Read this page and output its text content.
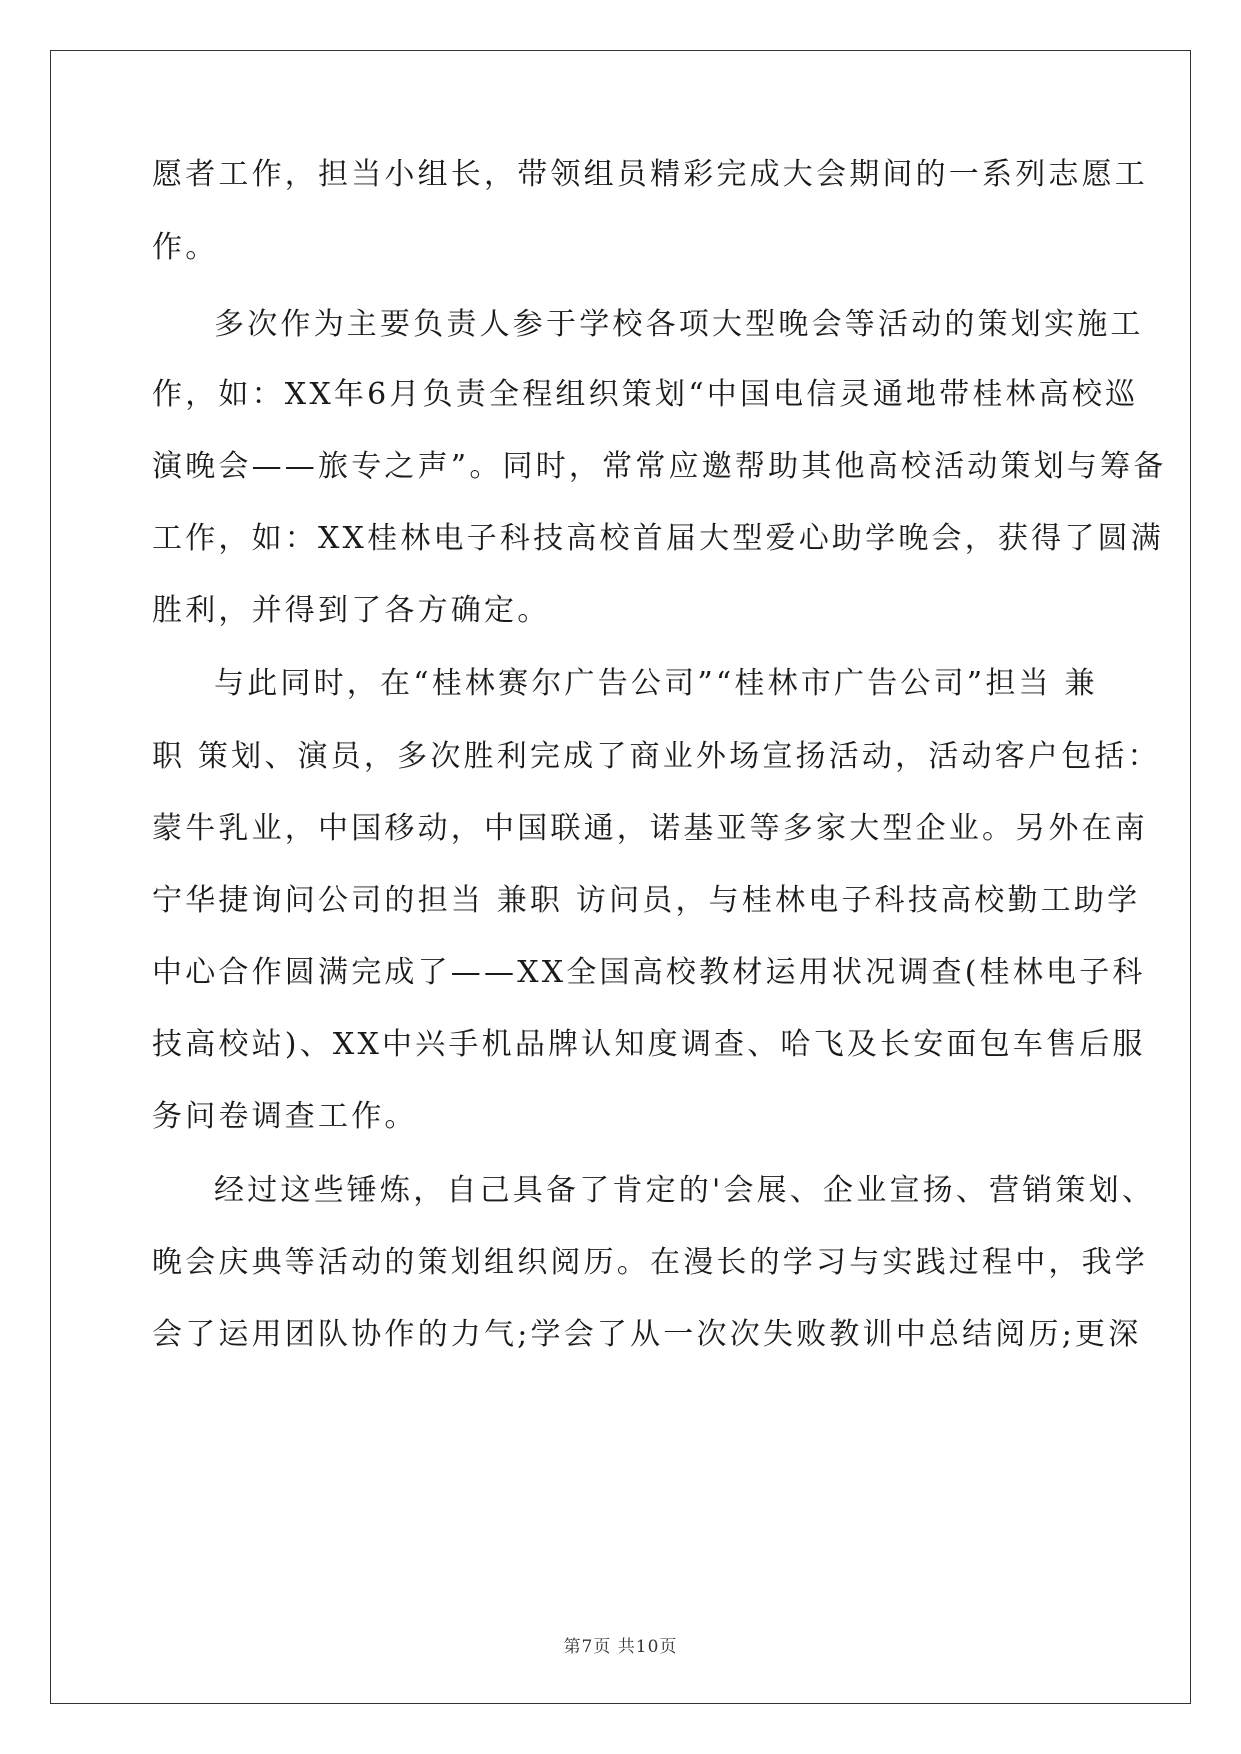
愿者工作，担当小组长，带领组员精彩完成大会期间的一系列志愿工
作。
多次作为主要负责人参于学校各项大型晚会等活动的策划实施工
作，如：XX年6月负责全程组织策划“中国电信灵通地带桂林高校巡
演晚会——旅专之声”。同时，常常应邀帮助其他高校活动策划与筹备
工作，如：XX桂林电子科技高校首届大型爱心助学晚会，获得了圆满
胜利，并得到了各方确定。
与此同时，在“桂林赛尔广告公司”“桂林市广告公司”担当 兼
职 策划、演员，多次胜利完成了商业外场宣扬活动，活动客户包括：
蒙牛乳业，中国移动，中国联通，诺基亚等多家大型企业。另外在南
宁华捷询问公司的担当 兼职 访问员，与桂林电子科技高校勤工助学
中心合作圆满完成了——XX全国高校教材运用状况调查(桂林电子科
技高校站)、XX中兴手机品牌认知度调查、哈飞及长安面包车售后服
务问卷调查工作。
经过这些锤炼，自己具备了肯定的'会展、企业宣扬、营销策划、
晚会庆典等活动的策划组织阅历。在漫长的学习与实践过程中，我学
会了运用团队协作的力气;学会了从一次次失败教训中总结阅历;更深
第7页 共10页
